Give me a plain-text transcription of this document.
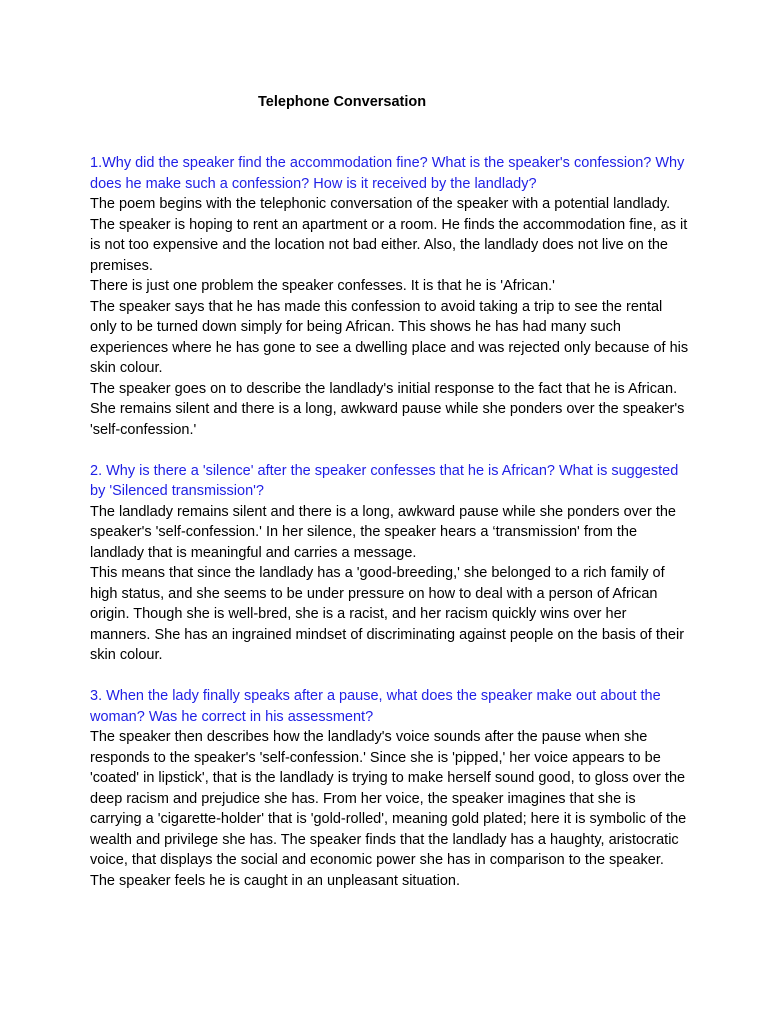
Telephone Conversation

1.Why did the speaker find the accommodation fine? What is the speaker's confession? Why does he make such a confession? How is it received by the landlady?

The poem begins with the telephonic conversation of the speaker with a potential landlady. The speaker is hoping to rent an apartment or a room. He finds the accommodation fine, as it is not too expensive and the location not bad either. Also, the landlady does not live on the premises.

There is just one problem the speaker confesses. It is that he is 'African.'

The speaker says that he has made this confession to avoid taking a trip to see the rental only to be turned down simply for being African. This shows he has had many such experiences where he has gone to see a dwelling place and was rejected only because of his skin colour.

The speaker goes on to describe the landlady's initial response to the fact that he is African. She remains silent and there is a long, awkward pause while she ponders over the speaker's 'self-confession.'

2. Why is there a 'silence' after the speaker confesses that he is African? What is suggested by 'Silenced transmission'?

The landlady remains silent and there is a long, awkward pause while she ponders over the speaker's 'self-confession.' In her silence, the speaker hears a ‘transmission' from the landlady that is meaningful and carries a message.

This means that since the landlady has a 'good-breeding,' she belonged to a rich family of high status, and she seems to be under pressure on how to deal with a person of African origin. Though she is well-bred, she is a racist, and her racism quickly wins over her manners. She has an ingrained mindset of discriminating against people on the basis of their skin colour.

3. When the lady finally speaks after a pause, what does the speaker make out about the woman? Was he correct in his assessment?

The speaker then describes how the landlady's voice sounds after the pause when she responds to the speaker's 'self-confession.' Since she is 'pipped,' her voice appears to be 'coated' in lipstick', that is the landlady is trying to make herself sound good, to gloss over the deep racism and prejudice she has. From her voice, the speaker imagines that she is carrying a 'cigarette-holder' that is 'gold-rolled', meaning gold plated; here it is symbolic of the wealth and privilege she has. The speaker finds that the landlady has a haughty, aristocratic voice, that displays the social and economic power she has in comparison to the speaker. The speaker feels he is caught in an unpleasant situation.
